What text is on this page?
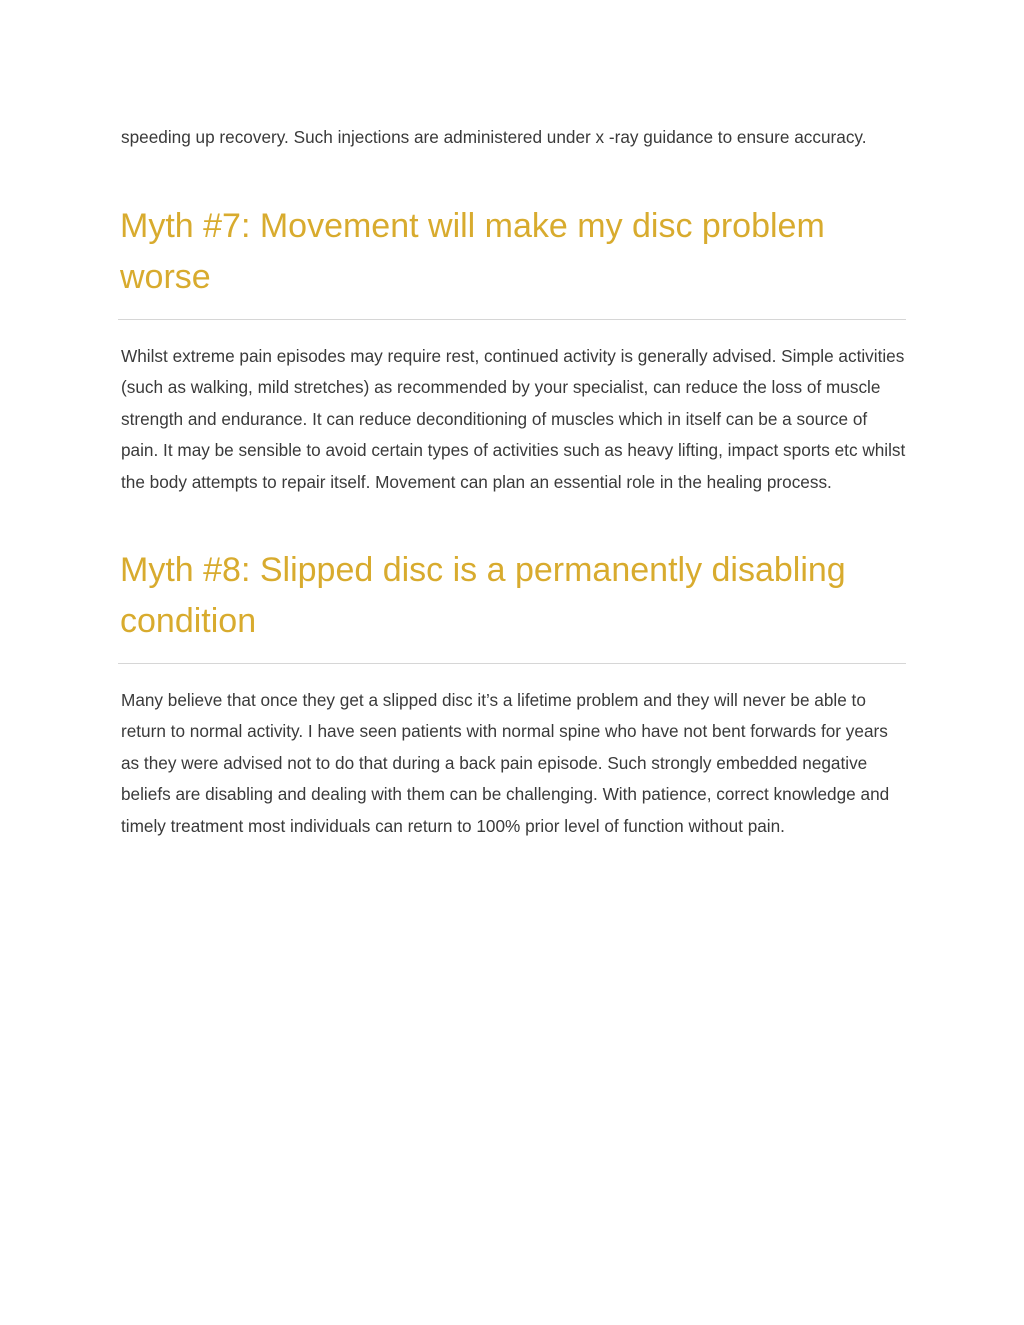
speeding up recovery. Such injections are administered under x -ray guidance to ensure accuracy.

Myth #7: Movement will make my disc problem worse

Whilst extreme pain episodes may require rest, continued activity is generally advised. Simple activities (such as walking, mild stretches) as recommended by your specialist, can reduce the loss of muscle strength and endurance. It can reduce deconditioning of muscles which in itself can be a source of pain. It may be sensible to avoid certain types of activities such as heavy lifting, impact sports etc whilst the body attempts to repair itself. Movement can plan an essential role in the healing process.

Myth #8: Slipped disc is a permanently disabling condition

Many believe that once they get a slipped disc it’s a lifetime problem and they will never be able to return to normal activity. I have seen patients with normal spine who have not bent forwards for years as they were advised not to do that during a back pain episode. Such strongly embedded negative beliefs are disabling and dealing with them can be challenging. With patience, correct knowledge and timely treatment most individuals can return to 100% prior level of function without pain.
